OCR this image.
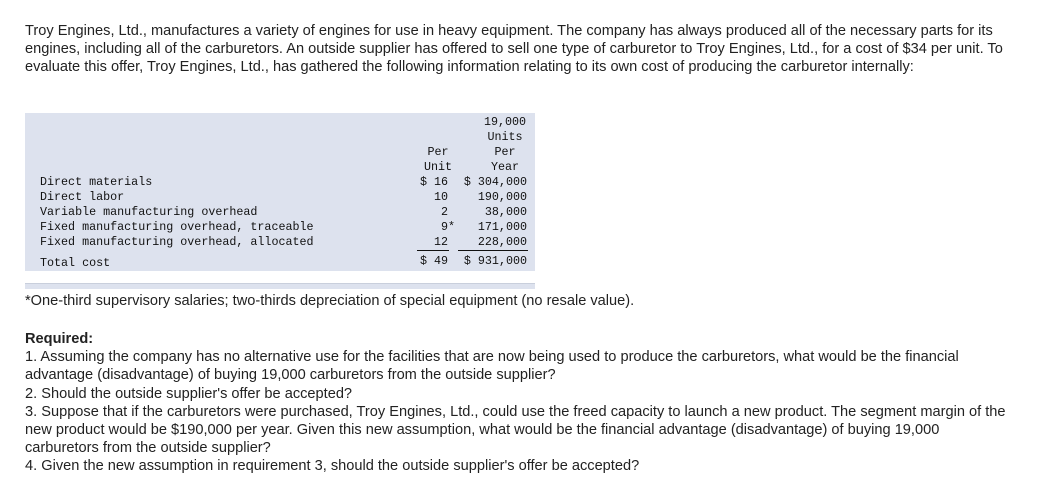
Troy Engines, Ltd., manufactures a variety of engines for use in heavy equipment. The company has always produced all of the necessary parts for its engines, including all of the carburetors. An outside supplier has offered to sell one type of carburetor to Troy Engines, Ltd., for a cost of $34 per unit. To evaluate this offer, Troy Engines, Ltd., has gathered the following information relating to its own cost of producing the carburetor internally:
19,000
Units
Per	Per
Unit	Year
Direct materials	$ 16	$ 304,000
Direct labor	10	190,000
Variable manufacturing overhead	2	38,000
Fixed manufacturing overhead, traceable	9*	171,000
Fixed manufacturing overhead, allocated	12	228,000
Total cost	$ 49	$ 931,000
*One-third supervisory salaries; two-thirds depreciation of special equipment (no resale value).
Required:
1. Assuming the company has no alternative use for the facilities that are now being used to produce the carburetors, what would be the financial advantage (disadvantage) of buying 19,000 carburetors from the outside supplier?
2. Should the outside supplier's offer be accepted?
3. Suppose that if the carburetors were purchased, Troy Engines, Ltd., could use the freed capacity to launch a new product. The segment margin of the new product would be $190,000 per year. Given this new assumption, what would be the financial advantage (disadvantage) of buying 19,000 carburetors from the outside supplier?
4. Given the new assumption in requirement 3, should the outside supplier's offer be accepted?
